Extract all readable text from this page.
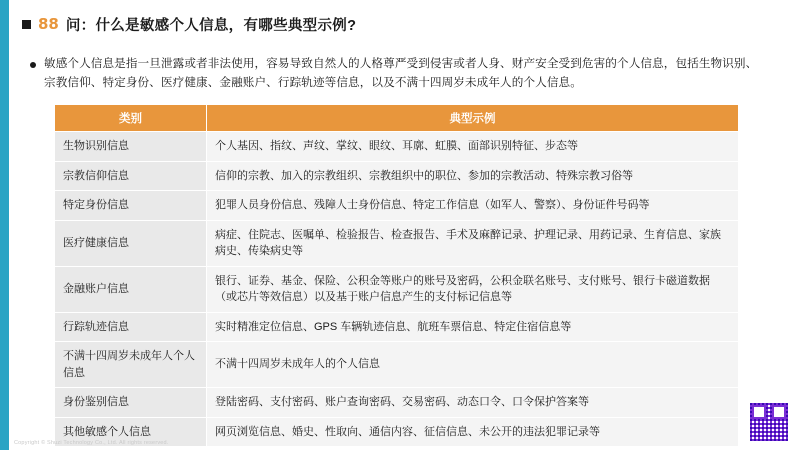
88 问：什么是敏感个人信息，有哪些典型示例?
敏感个人信息是指一旦泄露或者非法使用，容易导致自然人的人格尊严受到侵害或者人身、财产安全受到危害的个人信息，包括生物识别、宗教信仰、特定身份、医疗健康、金融账户、行踪轨迹等信息，以及不满十四周岁未成年人的个人信息。
类别	典型示例
生物识别信息	个人基因、指纹、声纹、掌纹、眼纹、耳廓、虹膜、面部识别特征、步态等
宗教信仰信息	信仰的宗教、加入的宗教组织、宗教组织中的职位、参加的宗教活动、特殊宗教习俗等
特定身份信息	犯罪人员身份信息、残障人士身份信息、特定工作信息（如军人、警察）、身份证件号码等
医疗健康信息	病症、住院志、医嘱单、检验报告、检查报告、手术及麻醉记录、护理记录、用药记录、生育信息、家族病史、传染病史等
金融账户信息	银行、证券、基金、保险、公积金等账户的账号及密码，公积金联名账号、支付账号、银行卡磁道数据（或芯片等效信息）以及基于账户信息产生的支付标记信息等
行踪轨迹信息	实时精准定位信息、GPS 车辆轨迹信息、航班车票信息、特定住宿信息等
不满十四周岁未成年人个人信息	不满十四周岁未成年人的个人信息
身份鉴别信息	登陆密码、支付密码、账户查询密码、交易密码、动态口令、口令保护答案等
其他敏感个人信息	网页浏览信息、婚史、性取向、通信内容、征信信息、未公开的违法犯罪记录等
Copyright © Shuzi Technology Co., Ltd. All rights reserved.
